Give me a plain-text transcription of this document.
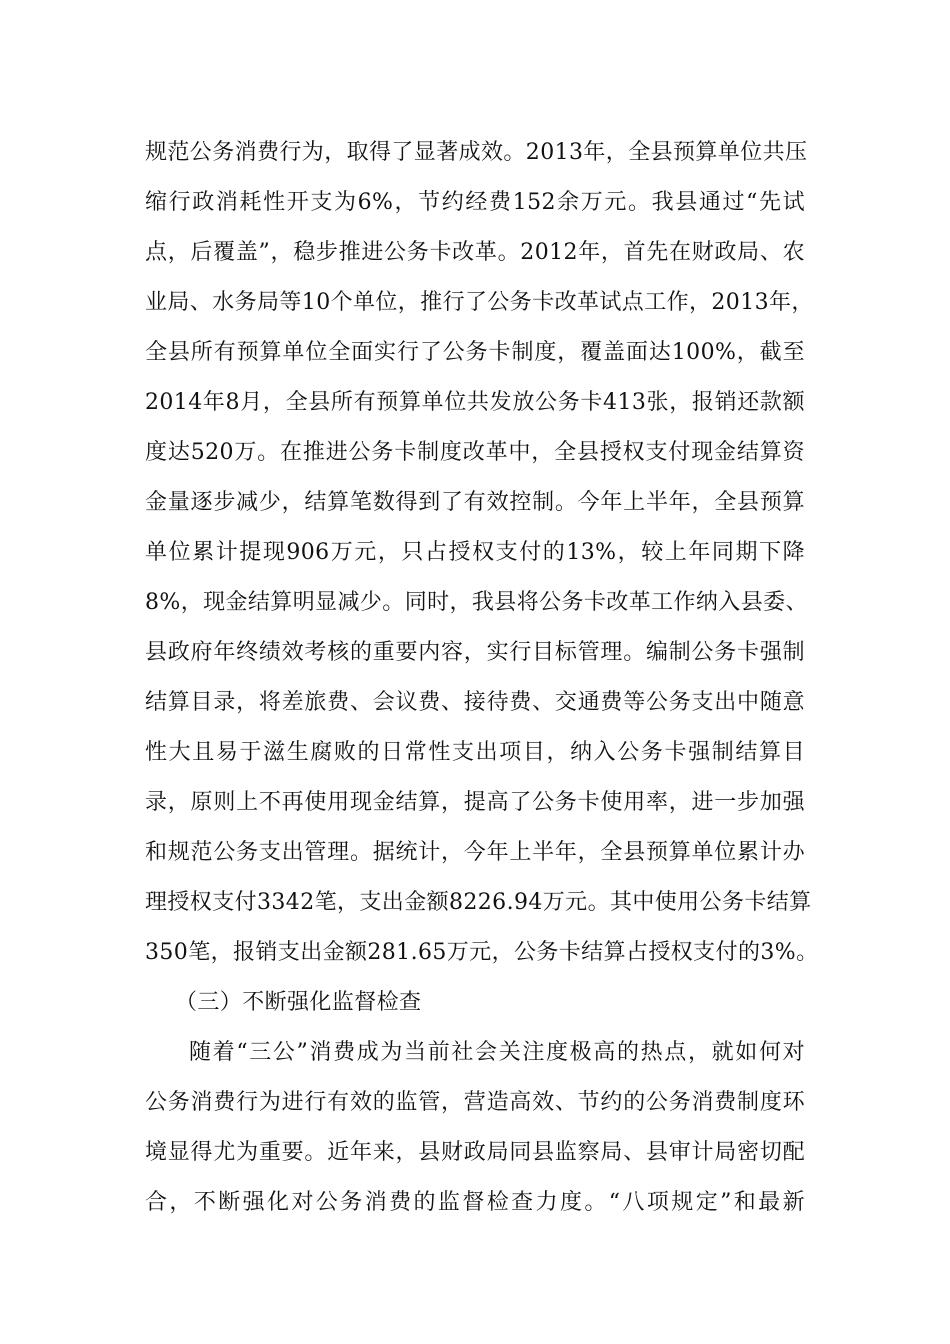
规范公务消费行为，取得了显著成效。2013年，全县预算单位共压
缩行政消耗性开支为6%，节约经费152余万元。我县通过“先试
点，后覆盖”，稳步推进公务卡改革。2012年，首先在财政局、农
业局、水务局等10个单位，推行了公务卡改革试点工作，2013年，
全县所有预算单位全面实行了公务卡制度，覆盖面达100%，截至
2014年8月，全县所有预算单位共发放公务卡413张，报销还款额
度达520万。在推进公务卡制度改革中，全县授权支付现金结算资
金量逐步减少，结算笔数得到了有效控制。今年上半年，全县预算
单位累计提现906万元，只占授权支付的13%，较上年同期下降
8%，现金结算明显减少。同时，我县将公务卡改革工作纳入县委、
县政府年终绩效考核的重要内容，实行目标管理。编制公务卡强制
结算目录，将差旅费、会议费、接待费、交通费等公务支出中随意
性大且易于滋生腐败的日常性支出项目，纳入公务卡强制结算目
录，原则上不再使用现金结算，提高了公务卡使用率，进一步加强
和规范公务支出管理。据统计，今年上半年，全县预算单位累计办
理授权支付3342笔，支出金额8226.94万元。其中使用公务卡结算
350笔，报销支出金额281.65万元，公务卡结算占授权支付的3%。
（三）不断强化监督检查
随着“三公”消费成为当前社会关注度极高的热点，就如何对
公务消费行为进行有效的监管，营造高效、节约的公务消费制度环
境显得尤为重要。近年来，县财政局同县监察局、县审计局密切配
合，不断强化对公务消费的监督检查力度。“八项规定”和最新
